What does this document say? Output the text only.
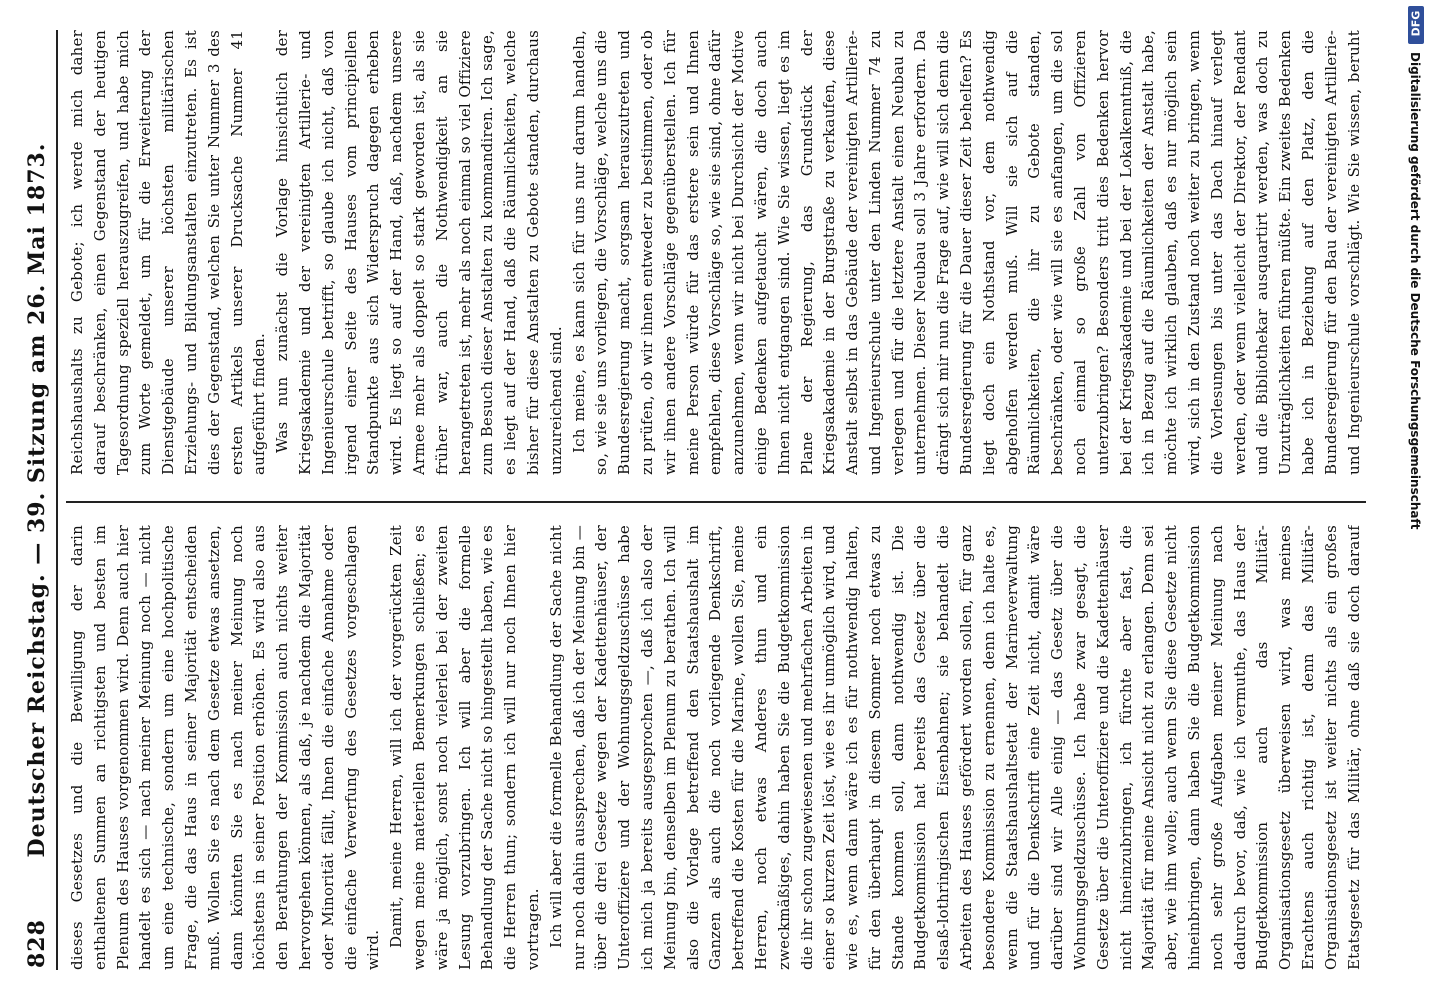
828
Deutscher Reichstag. — 39. Sitzung am 26. Mai 1873. dieses Gesetzes und die Bewilligung der darin enthaltenen Summen an richtigsten und besten im Plenum des Hauses vorgenommen wird. Denn auch hier handelt es sich — nach meiner Meinung noch — nicht um eine technische, sondern um eine hochpolitische Frage, die das Haus in seiner Majorität entscheiden muß. Wollen Sie es nach dem Gesetze etwas ansetzen, dann könnten Sie es nach meiner Meinung noch höchstens in seiner Position erhöhen. Es wird also aus den Berathungen der Kommission auch nichts weiter hervorgehen können, als daß, je nachdem die Majorität oder Minorität fällt, Ihnen die einfache Annahme oder die einfache Verwerfung des Gesetzes vorgeschlagen wird.

Damit, meine Herren, will ich der vorgerückten Zeit wegen meine materiellen Bemerkungen schließen; es wäre ja möglich, sonst noch vielerlei bei der zweiten Lesung vorzubringen. Ich will aber die formelle Behandlung der Sache nicht so hingestellt haben, wie es die Herren thun; sondern ich will nur noch Ihnen hier vortragen. Ich will aber die formelle Behandlung der Sache nicht nur noch dahin aussprechen, daß ich der Meinung bin — über die drei Gesetze wegen der Kadettenhäuser, der Unteroffiziere und der Wohnungsgeldzuschüsse habe ich mich ja bereits ausgesprochen —, daß ich also der Meinung bin, denselben im Plenum zu berathen. Ich will also die Vorlage betreffend den Staatshaushalt im Ganzen als auch die noch vorliegende Denkschrift, betreffend die Kosten für die Marine, wollen Sie, meine Herren, noch etwas Anderes thun und ein zweckmäßiges, dahin haben Sie die Budgetkommission die ihr schon zugewiesenen und mehrfachen Arbeiten in einer so kurzen Zeit löst, wie es ihr unmöglich wird, und wie es, wenn dann wäre ich es für nothwendig halten, für den überhaupt in diesem Sommer noch etwas zu Stande kommen soll, dann nothwendig ist. Die Budgetkommission hat bereits das Gesetz über die elsaß-lothringischen Eisenbahnen; sie behandelt die Arbeiten des Hauses gefördert worden sollen, für ganz besondere Kommission zu ernennen, denn ich halte es, wenn die Staatshaushaltsetat der Marineverwaltung und für die Denkschrift eine Zeit nicht, damit wäre darüber sind wir Alle einig — das Gesetz über die Wohnungsgeldzuschüsse. Ich habe zwar gesagt, die Gesetze über die Unteroffiziere und die Kadettenhäuser nicht hineinzubringen, ich fürchte aber fast, die Majorität für meine Ansicht nicht zu erlangen. Denn sei aber, wie ihm wolle; auch wenn Sie diese Gesetze nicht hineinbringen, dann haben Sie die Budgetkommission noch sehr große Aufgaben meiner Meinung nach dadurch bevor, daß, wie ich vermuthe, das Haus der Budgetkommission auch das Militär-Organisationsgesetz überweisen wird, was meines Erachtens auch richtig ist, denn das Militär-Organisationsgesetz ist weiter nichts als ein großes Etatsgesetz für das Militär, ohne daß sie doch darauf

Reichshaushalts zu Gebote; ich werde mich daher darauf beschränken, einen Gegenstand der heutigen Tagesordnung speziell herauszugreifen, und habe mich zum Worte gemeldet, um für die Erweiterung der Dienstgebäude unserer höchsten militärischen Erziehungs- und Bildungsanstalten einzutreten. Es ist dies der Gegenstand, welchen Sie unter Nummer 3 des ersten Artikels unserer Drucksache Nummer 41 aufgeführt finden. Was nun zunächst die Vorlage hinsichtlich der Kriegsakademie und der vereinigten Artillerie- und Ingenieurschule betrifft, so glaube ich nicht, daß von irgend einer Seite des Hauses vom principiellen Standpunkte aus sich Widerspruch dagegen erheben wird. Es liegt so auf der Hand, daß, nachdem unsere Armee mehr als doppelt so stark geworden ist, als sie früher war, auch die Nothwendigkeit an sie herangetreten ist, mehr als noch einmal so viel Offiziere zum Besuch dieser Anstalten zu kommandiren. Ich sage, es liegt auf der Hand, daß die Räumlichkeiten, welche bisher für diese Anstalten zu Gebote standen, durchaus unzureichend sind. Ich meine, es kann sich für uns nur darum handeln, so, wie sie uns vorliegen, die Vorschläge, welche uns die Bundesregierung macht, sorgsam herauszutreten und zu prüfen, ob wir ihnen entweder zu bestimmen, oder ob wir ihnen andere Vorschläge gegenüberstellen. Ich für meine Person würde für das erstere sein und Ihnen empfehlen, diese Vorschläge so, wie sie sind, ohne dafür anzunehmen, wenn wir nicht bei Durchsicht der Motive einige Bedenken aufgetaucht wären, die doch auch Ihnen nicht entgangen sind. Wie Sie wissen, liegt es im Plane der Regierung, das Grundstück der Kriegsakademie in der Burgstraße zu verkaufen, diese Anstalt selbst in das Gebäude der vereinigten Artillerie- und Ingenieurschule unter den Linden Nummer 74 zu verlegen und für die letztere Anstalt einen Neubau zu unternehmen. Dieser Neubau soll 3 Jahre erfordern. Da drängt sich mir nun die Frage auf, wie will sich denn die Bundesregierung für die Dauer dieser Zeit behelfen? Es liegt doch ein Nothstand vor, dem nothwendig abgeholfen werden muß. Will sie sich auf die Räumlichkeiten, die ihr zu Gebote standen, beschränken, oder wie will sie es anfangen, um die sol noch einmal so große Zahl von Offizieren unterzubringen? Besonders tritt dies Bedenken hervor bei der Kriegsakademie und bei der Lokalkenntniß, die ich in Bezug auf die Räumlichkeiten der Anstalt habe, möchte ich wirklich glauben, daß es nur möglich sein wird, sich in den Zustand noch weiter zu bringen, wenn die Vorlesungen bis unter das Dach hinauf verlegt werden, oder wenn vielleicht der Direktor, der Rendant und die Bibliothekar ausquartirt werden, was doch zu Unzuträglichkeiten führen müßte. Ein zweites Bedenken habe ich in Beziehung auf den Platz, den die Bundesregierung für den Bau der vereinigten Artillerie- und Ingenieurschule vorschlägt. Wie Sie wissen, beruht

DFG
Digitalisierung gefördert durch die Deutsche Forschungsgemeinschaft
